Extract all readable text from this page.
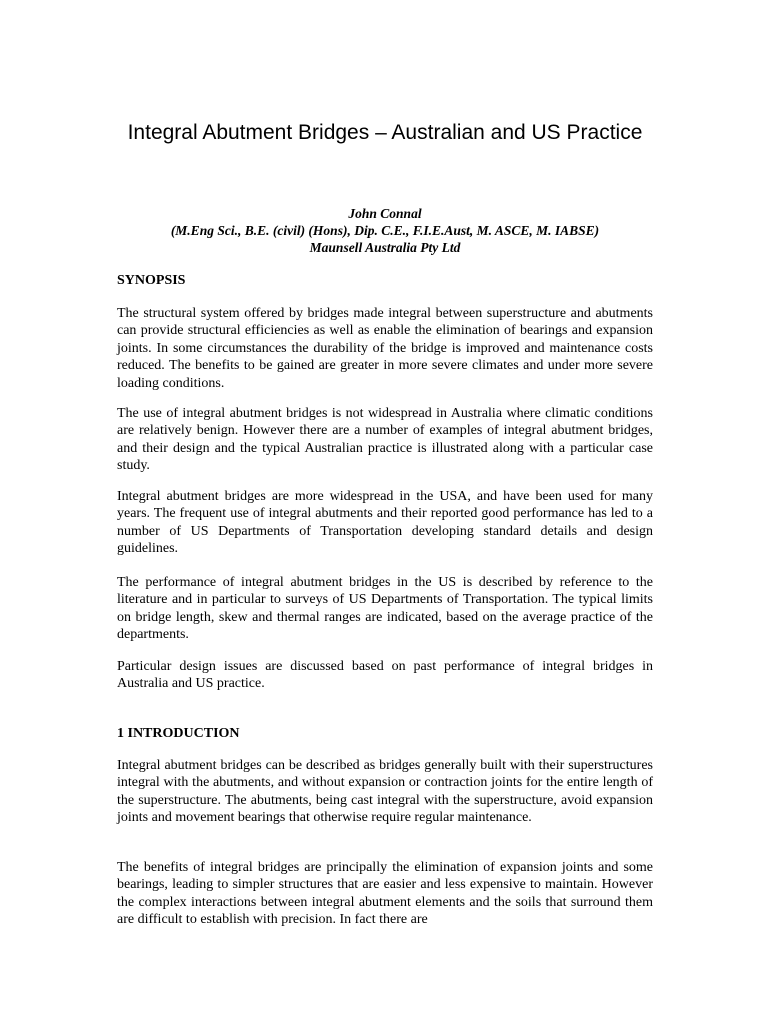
Integral Abutment Bridges – Australian and US Practice
John Connal
(M.Eng Sci., B.E. (civil) (Hons), Dip. C.E., F.I.E.Aust, M. ASCE, M. IABSE)
Maunsell Australia Pty Ltd
SYNOPSIS

The structural system offered by bridges made integral between superstructure and abutments can provide structural efficiencies as well as enable the elimination of bearings and expansion joints. In some circumstances the durability of the bridge is improved and maintenance costs reduced. The benefits to be gained are greater in more severe climates and under more severe loading conditions.

The use of integral abutment bridges is not widespread in Australia where climatic conditions are relatively benign. However there are a number of examples of integral abutment bridges, and their design and the typical Australian practice is illustrated along with a particular case study.

Integral abutment bridges are more widespread in the USA, and have been used for many years. The frequent use of integral abutments and their reported good performance has led to a number of US Departments of Transportation developing standard details and design guidelines.

The performance of integral abutment bridges in the US is described by reference to the literature and in particular to surveys of US Departments of Transportation. The typical limits on bridge length, skew and thermal ranges are indicated, based on the average practice of the departments.

Particular design issues are discussed based on past performance of integral bridges in Australia and US practice.

1 INTRODUCTION

Integral abutment bridges can be described as bridges generally built with their superstructures integral with the abutments, and without expansion or contraction joints for the entire length of the superstructure. The abutments, being cast integral with the superstructure, avoid expansion joints and movement bearings that otherwise require regular maintenance.

The benefits of integral bridges are principally the elimination of expansion joints and some bearings, leading to simpler structures that are easier and less expensive to maintain. However the complex interactions between integral abutment elements and the soils that surround them are difficult to establish with precision. In fact there are
